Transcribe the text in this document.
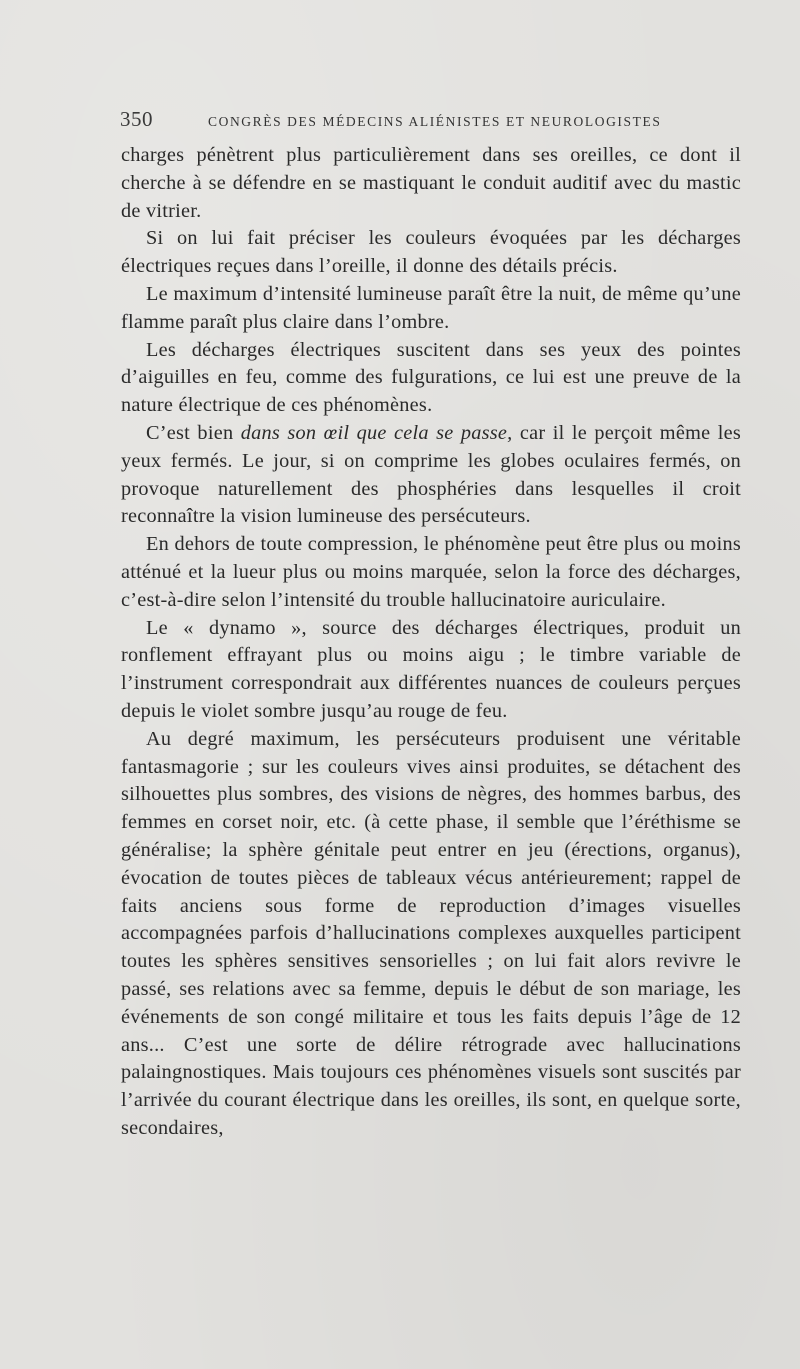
350	CONGRÈS DES MÉDECINS ALIÉNISTES ET NEUROLOGISTES

charges pénètrent plus particulièrement dans ses oreilles, ce dont il cherche à se défendre en se mastiquant le conduit auditif avec du mastic de vitrier.

Si on lui fait préciser les couleurs évoquées par les décharges électriques reçues dans l’oreille, il donne des détails précis.

Le maximum d’intensité lumineuse paraît être la nuit, de même qu’une flamme paraît plus claire dans l’ombre.

Les décharges électriques suscitent dans ses yeux des pointes d’aiguilles en feu, comme des fulgurations, ce lui est une preuve de la nature électrique de ces phénomènes.

C’est bien dans son œil que cela se passe, car il le perçoit même les yeux fermés. Le jour, si on comprime les globes oculaires fermés, on provoque naturellement des phosphéries dans lesquelles il croit reconnaître la vision lumineuse des persécuteurs.

En dehors de toute compression, le phénomène peut être plus ou moins atténué et la lueur plus ou moins marquée, selon la force des décharges, c’est-à-dire selon l’intensité du trouble hallucinatoire auriculaire.

Le « dynamo », source des décharges électriques, produit un ronflement effrayant plus ou moins aigu ; le timbre variable de l’instrument correspondrait aux différentes nuances de couleurs perçues depuis le violet sombre jusqu’au rouge de feu.

Au degré maximum, les persécuteurs produisent une véritable fantasmagorie ; sur les couleurs vives ainsi produites, se détachent des silhouettes plus sombres, des visions de nègres, des hommes barbus, des femmes en corset noir, etc. (à cette phase, il semble que l’éréthisme se généralise; la sphère génitale peut entrer en jeu (érections, organus), évocation de toutes pièces de tableaux vécus antérieurement; rappel de faits anciens sous forme de reproduction d’images visuelles accompagnées parfois d’hallucinations complexes auxquelles participent toutes les sphères sensitives sensorielles ; on lui fait alors revivre le passé, ses relations avec sa femme, depuis le début de son mariage, les événements de son congé militaire et tous les faits depuis l’âge de 12 ans... C’est une sorte de délire rétrograde avec hallucinations palaingnostiques. Mais toujours ces phénomènes visuels sont suscités par l’arrivée du courant électrique dans les oreilles, ils sont, en quelque sorte, secondaires,
